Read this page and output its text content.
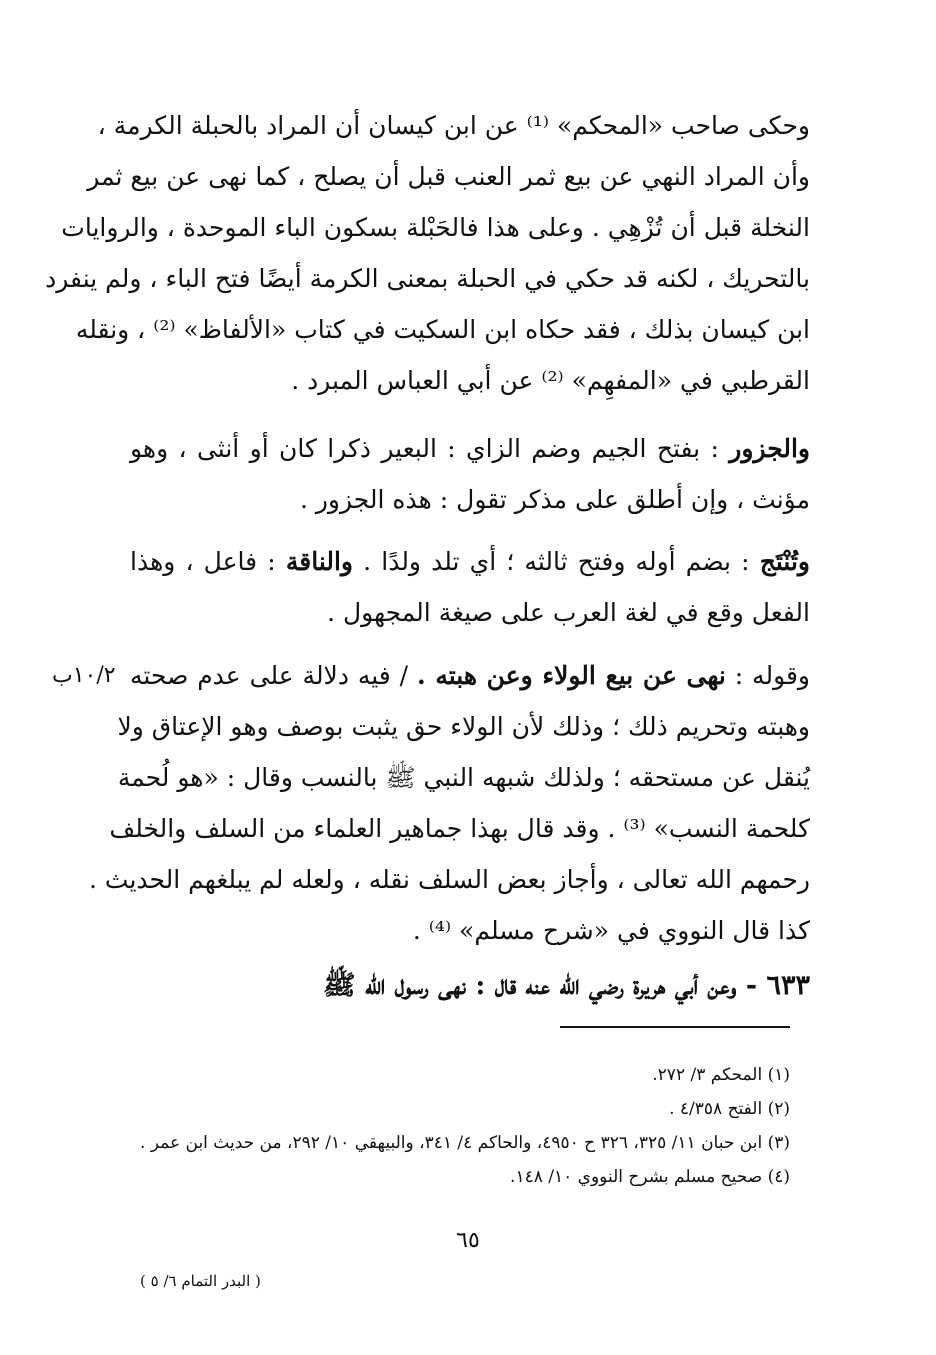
وحكى صاحب «المحكم» ⁽¹⁾ عن ابن كيسان أن المراد بالحبلة الكرمة ،
وأن المراد النهي عن بيع ثمر العنب قبل أن يصلح ، كما نهى عن بيع ثمر
النخلة قبل أن تُزْهِي . وعلى هذا فالحَبْلة بسكون الباء الموحدة ، والروايات
بالتحريك ، لكنه قد حكي في الحبلة بمعنى الكرمة أيضًا فتح الباء ، ولم ينفرد
ابن كيسان بذلك ، فقد حكاه ابن السكيت في كتاب «الألفاظ» ⁽²⁾ ، ونقله
القرطبي في «المفهِم» ⁽²⁾ عن أبي العباس المبرد .
والجزور : بفتح الجيم وضم الزاي : البعير ذكرا كان أو أنثى ، وهو
مؤنث ، وإن أطلق على مذكر تقول : هذه الجزور .
وتُنْتَج : بضم أوله وفتح ثالثه ؛ أي تلد ولدًا . والناقة : فاعل ، وهذا
الفعل وقع في لغة العرب على صيغة المجهول .
وقوله : نهى عن بيع الولاء وعن هبته . / فيه دلالة على عدم صحته
وهبته وتحريم ذلك ؛ وذلك لأن الولاء حق يثبت بوصف وهو الإعتاق ولا
يُنقل عن مستحقه ؛ ولذلك شبهه النبي ﷺ بالنسب وقال : «هو لُحمة
كلحمة النسب» ⁽³⁾ . وقد قال بهذا جماهير العلماء من السلف والخلف
رحمهم الله تعالى ، وأجاز بعض السلف نقله ، ولعله لم يبلغهم الحديث .
كذا قال النووي في «شرح مسلم» ⁽⁴⁾ .
١٠/٢ب
٦٣٣ - وعن أبي هريرة رضي الله عنه قال : نهى رسول الله ﷺ
(١) المحكم ٣/ ٢٧٢.
(٢) الفتح ٤/٣٥٨ .
(٣) ابن حبان ١١/ ٣٢٥، ٣٢٦ ح ٤٩٥٠، والحاكم ٤/ ٣٤١، والبيهقي ١٠/ ٢٩٢، من حديث ابن عمر .
(٤) صحيح مسلم بشرح النووي ١٠/ ١٤٨.
٦٥
( البدر التمام ٦/ ٥ )
